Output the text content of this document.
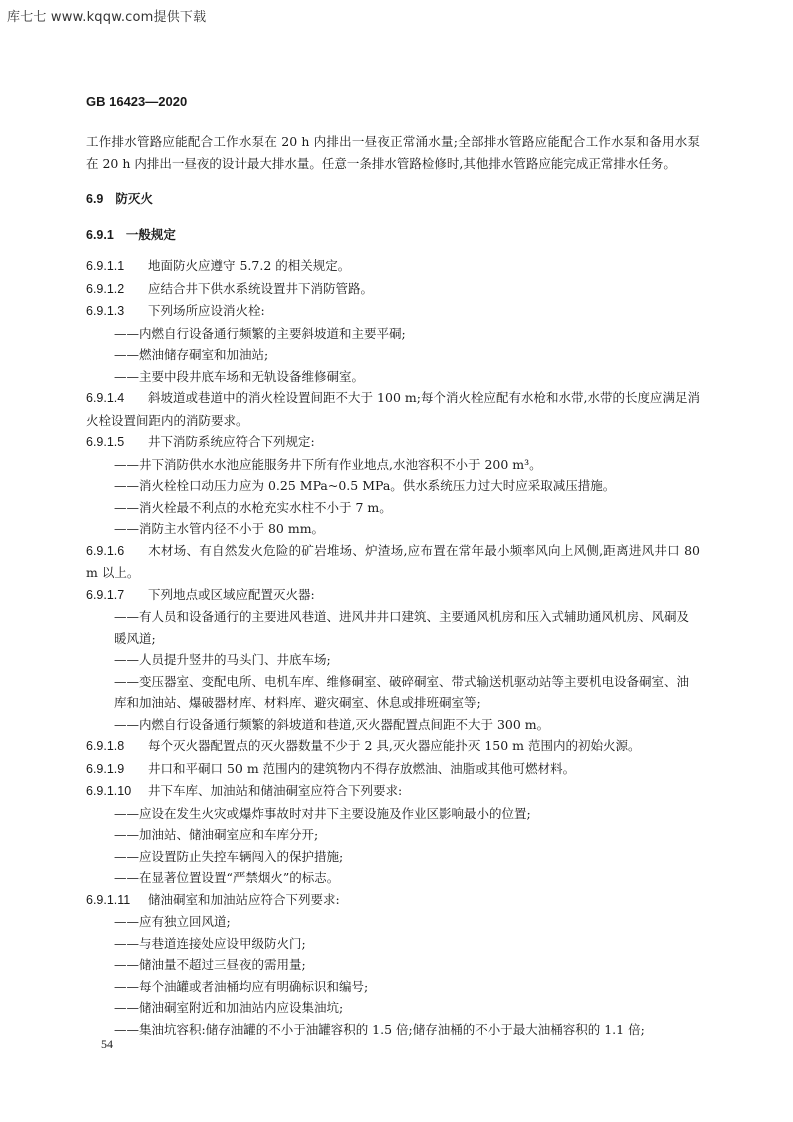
库七七 www.kqqw.com提供下载
GB 16423—2020

工作排水管路应能配合工作水泵在 20 h 内排出一昼夜正常涌水量;全部排水管路应能配合工作水泵和备用水泵在 20 h 内排出一昼夜的设计最大排水量。任意一条排水管路检修时,其他排水管路应能完成正常排水任务。

6.9 防灭火
6.9.1 一般规定
6.9.1.1 地面防火应遵守 5.7.2 的相关规定。
6.9.1.2 应结合井下供水系统设置井下消防管路。
6.9.1.3 下列场所应设消火栓:
——内燃自行设备通行频繁的主要斜坡道和主要平硐;
——燃油储存硐室和加油站;
——主要中段井底车场和无轨设备维修硐室。
6.9.1.4 斜坡道或巷道中的消火栓设置间距不大于 100 m;每个消火栓应配有水枪和水带,水带的长度应满足消火栓设置间距内的消防要求。
6.9.1.5 井下消防系统应符合下列规定:
——井下消防供水水池应能服务井下所有作业地点,水池容积不小于 200 m³。
——消火栓栓口动压力应为 0.25 MPa~0.5 MPa。供水系统压力过大时应采取减压措施。
——消火栓最不利点的水枪充实水柱不小于 7 m。
——消防主水管内径不小于 80 mm。
6.9.1.6 木材场、有自然发火危险的矿岩堆场、炉渣场,应布置在常年最小频率风向上风侧,距离进风井口 80 m 以上。
6.9.1.7 下列地点或区域应配置灭火器:
——有人员和设备通行的主要进风巷道、进风井井口建筑、主要通风机房和压入式辅助通风机房、风硐及暖风道;
——人员提升竖井的马头门、井底车场;
——变压器室、变配电所、电机车库、维修硐室、破碎硐室、带式输送机驱动站等主要机电设备硐室、油库和加油站、爆破器材库、材料库、避灾硐室、休息或排班硐室等;
——内燃自行设备通行频繁的斜坡道和巷道,灭火器配置点间距不大于 300 m。
6.9.1.8 每个灭火器配置点的灭火器数量不少于 2 具,灭火器应能扑灭 150 m 范围内的初始火源。
6.9.1.9 井口和平硐口 50 m 范围内的建筑物内不得存放燃油、油脂或其他可燃材料。
6.9.1.10 井下车库、加油站和储油硐室应符合下列要求:
——应设在发生火灾或爆炸事故时对井下主要设施及作业区影响最小的位置;
——加油站、储油硐室应和车库分开;
——应设置防止失控车辆闯入的保护措施;
——在显著位置设置“严禁烟火”的标志。
6.9.1.11 储油硐室和加油站应符合下列要求:
——应有独立回风道;
——与巷道连接处应设甲级防火门;
——储油量不超过三昼夜的需用量;
——每个油罐或者油桶均应有明确标识和编号;
——储油硐室附近和加油站内应设集油坑;
——集油坑容积:储存油罐的不小于油罐容积的 1.5 倍;储存油桶的不小于最大油桶容积的 1.1 倍;
54
